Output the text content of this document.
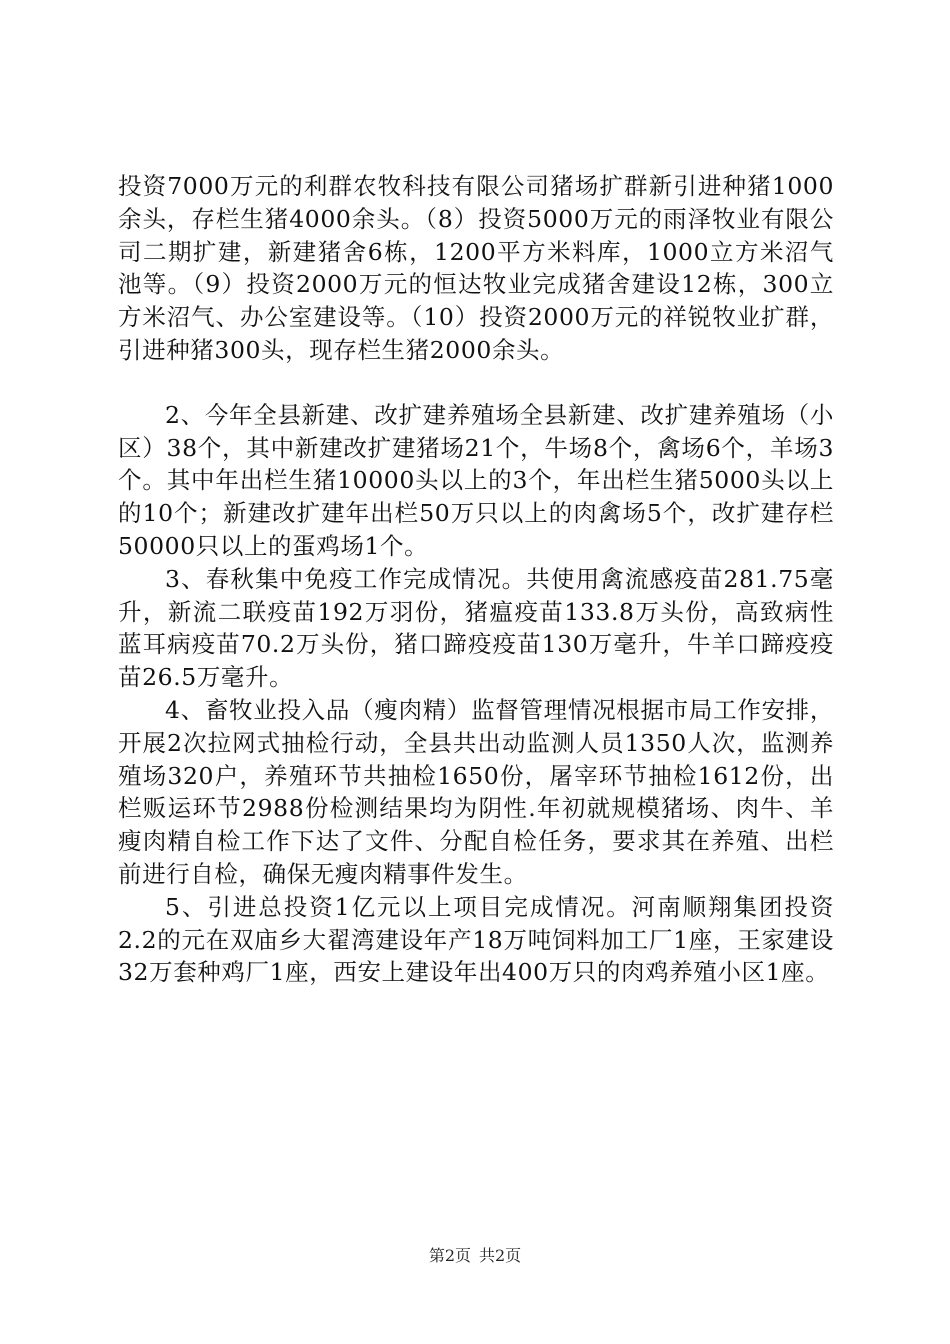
投资7000万元的利群农牧科技有限公司猪场扩群新引进种猪1000余头，存栏生猪4000余头。（8）投资5000万元的雨泽牧业有限公司二期扩建，新建猪舍6栋，1200平方米料库，1000立方米沼气池等。（9）投资2000万元的恒达牧业完成猪舍建设12栋，300立方米沼气、办公室建设等。（10）投资2000万元的祥锐牧业扩群，引进种猪300头，现存栏生猪2000余头。

2、今年全县新建、改扩建养殖场全县新建、改扩建养殖场（小区）38个，其中新建改扩建猪场21个，牛场8个，禽场6个，羊场3个。其中年出栏生猪10000头以上的3个，年出栏生猪5000头以上的10个；新建改扩建年出栏50万只以上的肉禽场5个，改扩建存栏50000只以上的蛋鸡场1个。

3、春秋集中免疫工作完成情况。共使用禽流感疫苗281.75毫升，新流二联疫苗192万羽份，猪瘟疫苗133.8万头份，高致病性蓝耳病疫苗70.2万头份，猪口蹄疫疫苗130万毫升，牛羊口蹄疫疫苗26.5万毫升。

4、畜牧业投入品（瘦肉精）监督管理情况根据市局工作安排，开展2次拉网式抽检行动，全县共出动监测人员1350人次，监测养殖场320户，养殖环节共抽检1650份，屠宰环节抽检1612份，出栏贩运环节2988份检测结果均为阴性.年初就规模猪场、肉牛、羊瘦肉精自检工作下达了文件、分配自检任务，要求其在养殖、出栏前进行自检，确保无瘦肉精事件发生。

5、引进总投资1亿元以上项目完成情况。河南顺翔集团投资2.2的元在双庙乡大翟湾建设年产18万吨饲料加工厂1座，王家建设32万套种鸡厂1座，西安上建设年出400万只的肉鸡养殖小区1座。

第2页 共2页
